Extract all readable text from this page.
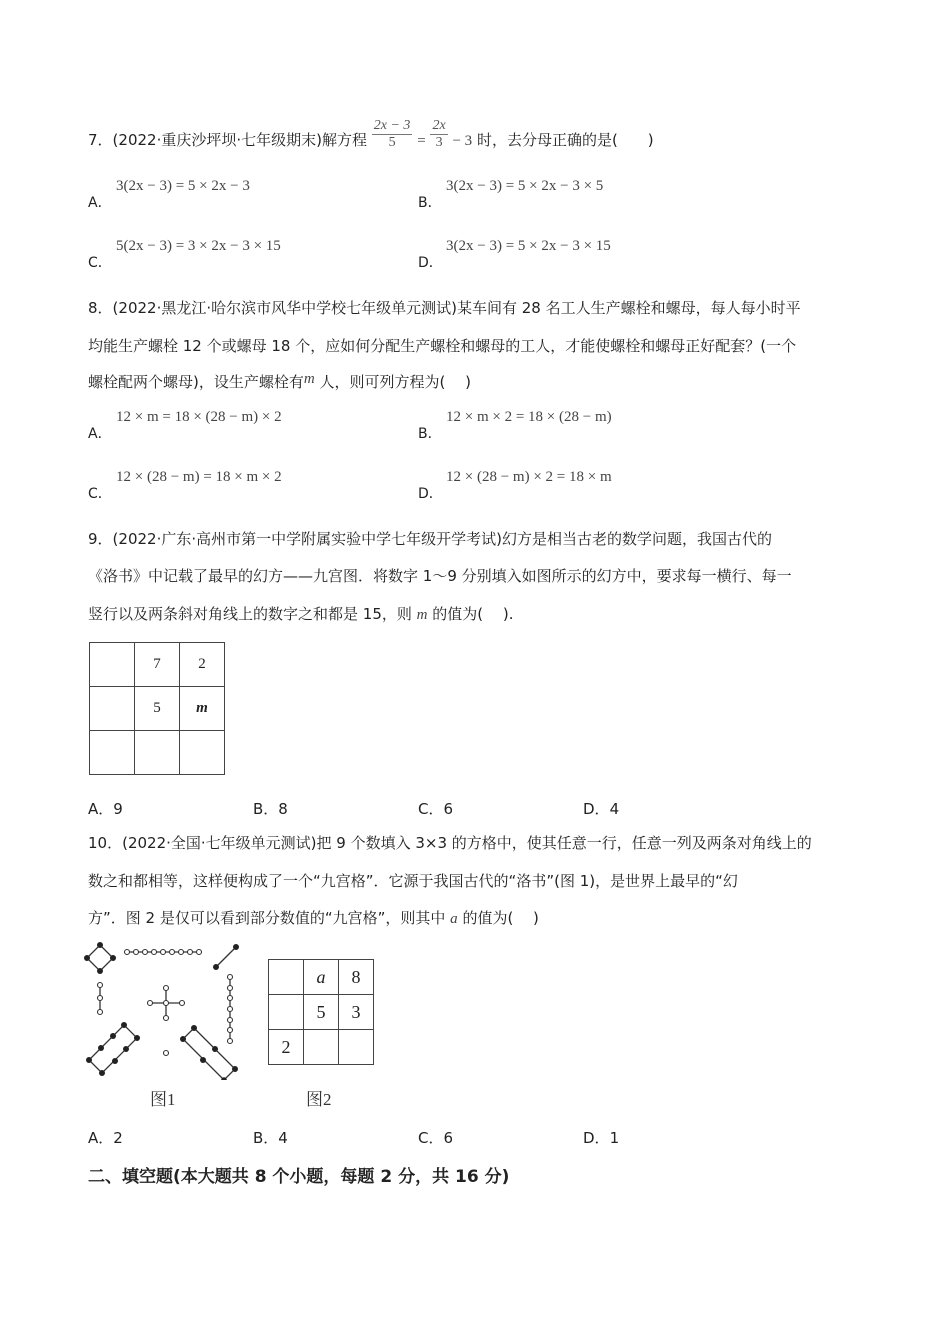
7．(2022·重庆沙坪坝·七年级期末)解方程 $\frac{2x - 3}{5} = \frac{2x}{3} - 3$ 时，去分母正确的是(　　)
A．
3(2x − 3) = 5 × 2x − 3
B．
3(2x − 3) = 5 × 2x − 3 × 5
C．
5(2x − 3) = 3 × 2x − 3 × 15
D．
3(2x − 3) = 5 × 2x − 3 × 15
8．(2022·黑龙江·哈尔滨市风华中学校七年级单元测试)某车间有 28 名工人生产螺栓和螺母，每人每小时平
均能生产螺栓 12 个或螺母 18 个，应如何分配生产螺栓和螺母的工人，才能使螺栓和螺母正好配套？(一个
螺栓配两个螺母)，设生产螺栓有m 人，则可列方程为(　 )
A．
12 × m = 18 × (28 − m) × 2
B．
12 × m × 2 = 18 × (28 − m)
C．
12 × (28 − m) = 18 × m × 2
D．
12 × (28 − m) × 2 = 18 × m
9．(2022·广东·高州市第一中学附属实验中学七年级开学考试)幻方是相当古老的数学问题，我国古代的
《洛书》中记载了最早的幻方——九宫图．将数字 1～9 分别填入如图所示的幻方中，要求每一横行、每一
竖行以及两条斜对角线上的数字之和都是 15，则 m 的值为(　 ).
	7	2
	5	m

A．9	B．8	C．6	D．4
10．(2022·全国·七年级单元测试)把 9 个数填入 3×3 的方格中，使其任意一行，任意一列及两条对角线上的
数之和都相等，这样便构成了一个“九宫格”．它源于我国古代的“洛书”(图 1)，是世界上最早的“幻
方”．图 2 是仅可以看到部分数值的“九宫格”，则其中 a 的值为(　 )
图1
	a	8
	5	3
2		
图2
A．2	B．4	C．6	D．1
二、填空题(本大题共 8 个小题，每题 2 分，共 16 分)
